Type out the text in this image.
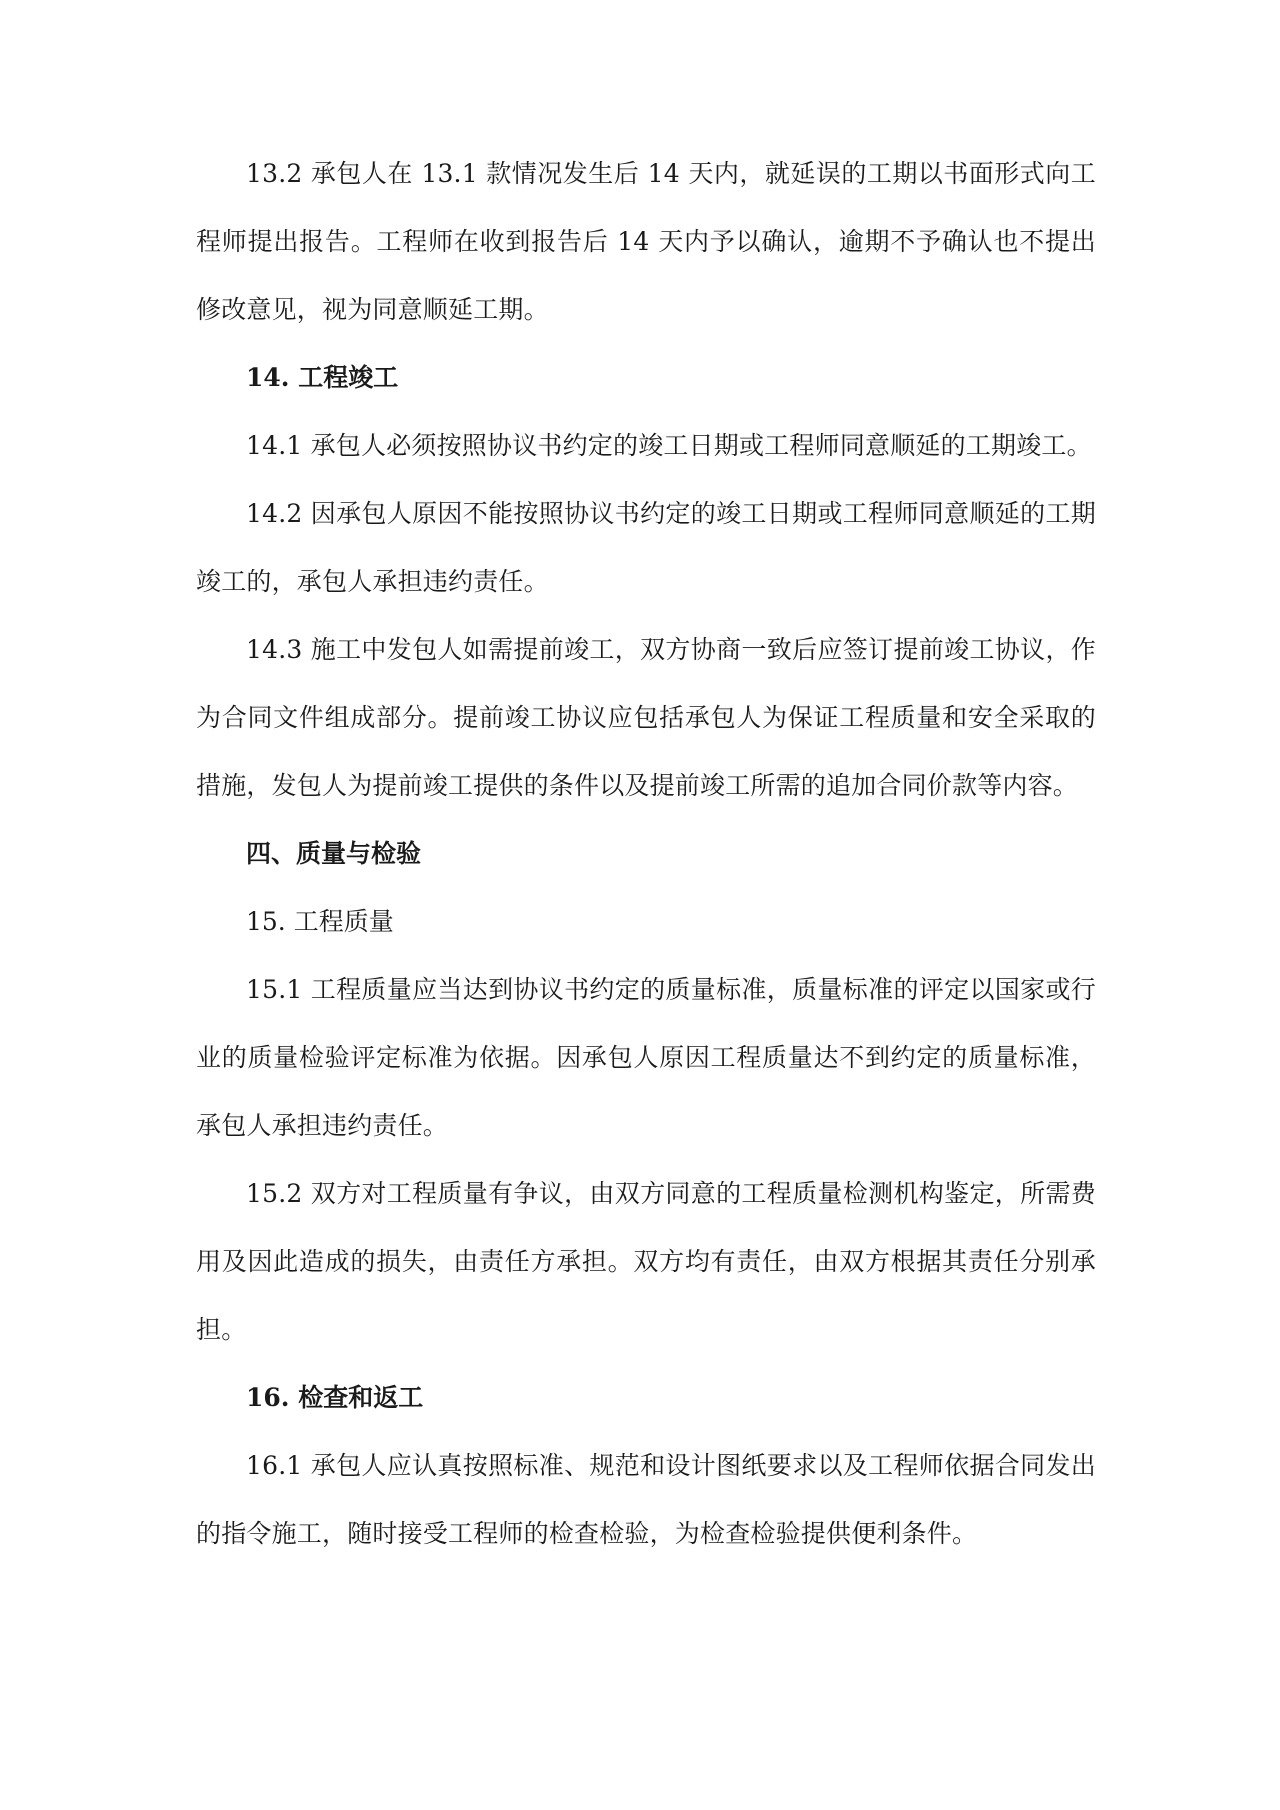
13.2 承包人在 13.1 款情况发生后 14 天内，就延误的工期以书面形式向工程师提出报告。工程师在收到报告后 14 天内予以确认，逾期不予确认也不提出修改意见，视为同意顺延工期。

14. 工程竣工

14.1 承包人必须按照协议书约定的竣工日期或工程师同意顺延的工期竣工。

14.2 因承包人原因不能按照协议书约定的竣工日期或工程师同意顺延的工期竣工的，承包人承担违约责任。

14.3 施工中发包人如需提前竣工，双方协商一致后应签订提前竣工协议，作为合同文件组成部分。提前竣工协议应包括承包人为保证工程质量和安全采取的措施，发包人为提前竣工提供的条件以及提前竣工所需的追加合同价款等内容。

四、质量与检验

15. 工程质量

15.1 工程质量应当达到协议书约定的质量标准，质量标准的评定以国家或行业的质量检验评定标准为依据。因承包人原因工程质量达不到约定的质量标准，承包人承担违约责任。

15.2 双方对工程质量有争议，由双方同意的工程质量检测机构鉴定，所需费用及因此造成的损失，由责任方承担。双方均有责任，由双方根据其责任分别承担。

16. 检查和返工

16.1 承包人应认真按照标准、规范和设计图纸要求以及工程师依据合同发出的指令施工，随时接受工程师的检查检验，为检查检验提供便利条件。
